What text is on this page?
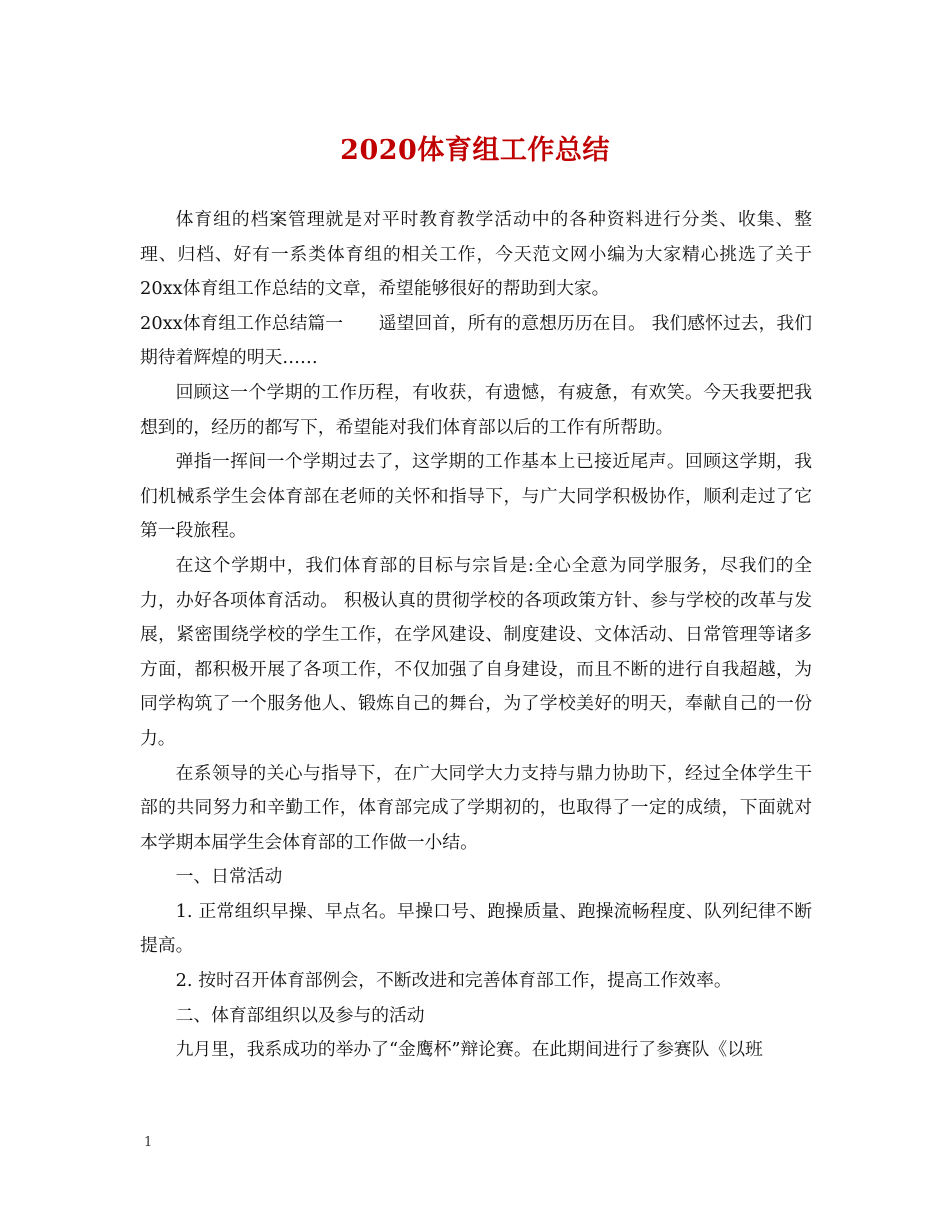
2020体育组工作总结

体育组的档案管理就是对平时教育教学活动中的各种资料进行分类、收集、整理、归档、好有一系类体育组的相关工作，今天范文网小编为大家精心挑选了关于20xx体育组工作总结的文章，希望能够很好的帮助到大家。

20xx体育组工作总结篇一　　遥望回首，所有的意想历历在目。 我们感怀过去，我们期待着辉煌的明天……

回顾这一个学期的工作历程，有收获，有遗憾，有疲惫，有欢笑。今天我要把我想到的，经历的都写下，希望能对我们体育部以后的工作有所帮助。

弹指一挥间一个学期过去了，这学期的工作基本上已接近尾声。回顾这学期，我们机械系学生会体育部在老师的关怀和指导下，与广大同学积极协作，顺利走过了它第一段旅程。

在这个学期中，我们体育部的目标与宗旨是:全心全意为同学服务，尽我们的全力，办好各项体育活动。 积极认真的贯彻学校的各项政策方针、参与学校的改革与发展，紧密围绕学校的学生工作，在学风建设、制度建设、文体活动、日常管理等诸多方面，都积极开展了各项工作，不仅加强了自身建设，而且不断的进行自我超越，为同学构筑了一个服务他人、锻炼自己的舞台，为了学校美好的明天，奉献自己的一份力。

在系领导的关心与指导下，在广大同学大力支持与鼎力协助下，经过全体学生干部的共同努力和辛勤工作，体育部完成了学期初的，也取得了一定的成绩，下面就对本学期本届学生会体育部的工作做一小结。

一、日常活动

1. 正常组织早操、早点名。早操口号、跑操质量、跑操流畅程度、队列纪律不断提高。

2. 按时召开体育部例会，不断改进和完善体育部工作，提高工作效率。

二、体育部组织以及参与的活动

九月里，我系成功的举办了“金鹰杯”辩论赛。在此期间进行了参赛队《以班

1
